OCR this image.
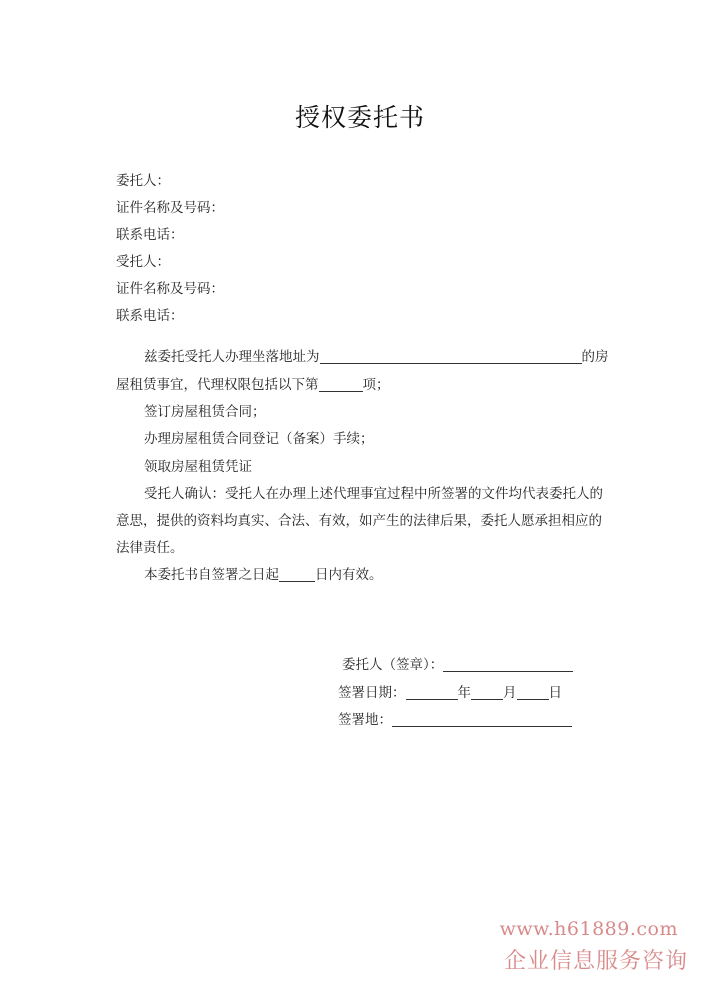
授权委托书
委托人：
证件名称及号码：
联系电话：
受托人：
证件名称及号码：
联系电话：
兹委托受托人办理坐落地址为	的房
屋租赁事宜，代理权限包括以下第	项；
签订房屋租赁合同；
办理房屋租赁合同登记（备案）手续；
领取房屋租赁凭证
受托人确认：受托人在办理上述代理事宜过程中所签署的文件均代表委托人的
意思，提供的资料均真实、合法、有效，如产生的法律后果，委托人愿承担相应的
法律责任。
本委托书自签署之日起	日内有效。
委托人（签章）：
签署日期：	年 月 日
签署地：
www.h61889.com
企业信息服务咨询
